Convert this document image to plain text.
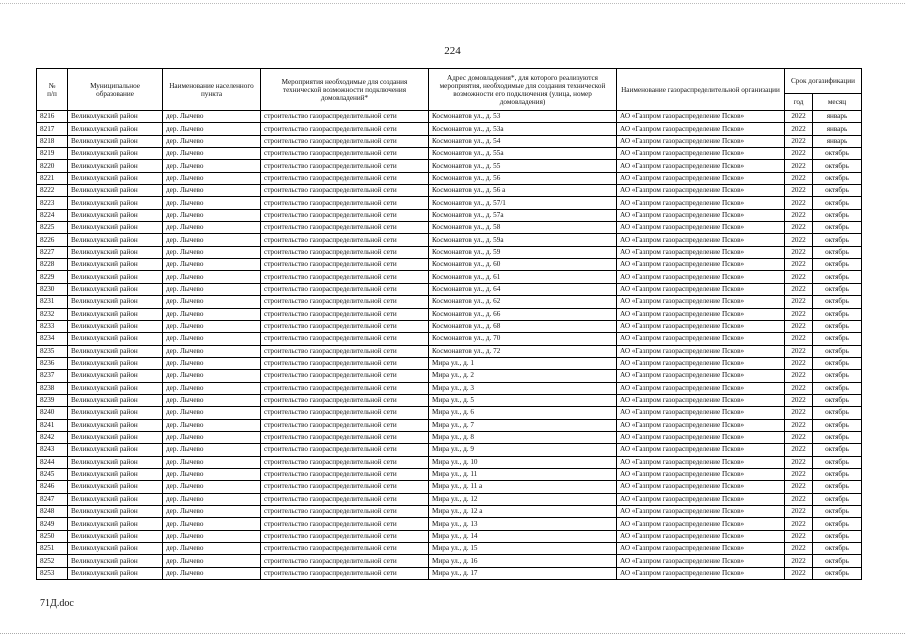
224
№
п/п	Муниципальное образование	Наименование населенного пункта	Мероприятия необходимые для создания технической возможности подключения домовладений*	Адрес домовладения*, для которого реализуются мероприятия, необходимые для создания технической возможности его подключения (улица, номер домовладения)	Наименование газораспределительной организации	Срок догазификации	
						год	месяц
8216	Великолукский район	дер. Лычево	строительство газораспределительной сети	Космонавтов ул., д. 53	АО «Газпром газораспределение Псков»	2022	январь
8217	Великолукский район	дер. Лычево	строительство газораспределительной сети	Космонавтов ул., д. 53а	АО «Газпром газораспределение Псков»	2022	январь
8218	Великолукский район	дер. Лычево	строительство газораспределительной сети	Космонавтов ул., д. 54	АО «Газпром газораспределение Псков»	2022	январь
8219	Великолукский район	дер. Лычево	строительство газораспределительной сети	Космонавтов ул., д. 55а	АО «Газпром газораспределение Псков»	2022	октябрь
8220	Великолукский район	дер. Лычево	строительство газораспределительной сети	Космонавтов ул., д. 55	АО «Газпром газораспределение Псков»	2022	октябрь
8221	Великолукский район	дер. Лычево	строительство газораспределительной сети	Космонавтов ул., д. 56	АО «Газпром газораспределение Псков»	2022	октябрь
8222	Великолукский район	дер. Лычево	строительство газораспределительной сети	Космонавтов ул., д. 56 а	АО «Газпром газораспределение Псков»	2022	октябрь
8223	Великолукский район	дер. Лычево	строительство газораспределительной сети	Космонавтов ул., д. 57/1	АО «Газпром газораспределение Псков»	2022	октябрь
8224	Великолукский район	дер. Лычево	строительство газораспределительной сети	Космонавтов ул., д. 57а	АО «Газпром газораспределение Псков»	2022	октябрь
8225	Великолукский район	дер. Лычево	строительство газораспределительной сети	Космонавтов ул., д. 58	АО «Газпром газораспределение Псков»	2022	октябрь
8226	Великолукский район	дер. Лычево	строительство газораспределительной сети	Космонавтов ул., д. 59а	АО «Газпром газораспределение Псков»	2022	октябрь
8227	Великолукский район	дер. Лычево	строительство газораспределительной сети	Космонавтов ул., д. 59	АО «Газпром газораспределение Псков»	2022	октябрь
8228	Великолукский район	дер. Лычево	строительство газораспределительной сети	Космонавтов ул., д. 60	АО «Газпром газораспределение Псков»	2022	октябрь
8229	Великолукский район	дер. Лычево	строительство газораспределительной сети	Космонавтов ул., д. 61	АО «Газпром газораспределение Псков»	2022	октябрь
8230	Великолукский район	дер. Лычево	строительство газораспределительной сети	Космонавтов ул., д. 64	АО «Газпром газораспределение Псков»	2022	октябрь
8231	Великолукский район	дер. Лычево	строительство газораспределительной сети	Космонавтов ул., д. 62	АО «Газпром газораспределение Псков»	2022	октябрь
8232	Великолукский район	дер. Лычево	строительство газораспределительной сети	Космонавтов ул., д. 66	АО «Газпром газораспределение Псков»	2022	октябрь
8233	Великолукский район	дер. Лычево	строительство газораспределительной сети	Космонавтов ул., д. 68	АО «Газпром газораспределение Псков»	2022	октябрь
8234	Великолукский район	дер. Лычево	строительство газораспределительной сети	Космонавтов ул., д. 70	АО «Газпром газораспределение Псков»	2022	октябрь
8235	Великолукский район	дер. Лычево	строительство газораспределительной сети	Космонавтов ул., д. 72	АО «Газпром газораспределение Псков»	2022	октябрь
8236	Великолукский район	дер. Лычево	строительство газораспределительной сети	Мира ул., д. 1	АО «Газпром газораспределение Псков»	2022	октябрь
8237	Великолукский район	дер. Лычево	строительство газораспределительной сети	Мира ул., д. 2	АО «Газпром газораспределение Псков»	2022	октябрь
8238	Великолукский район	дер. Лычево	строительство газораспределительной сети	Мира ул., д. 3	АО «Газпром газораспределение Псков»	2022	октябрь
8239	Великолукский район	дер. Лычево	строительство газораспределительной сети	Мира ул., д. 5	АО «Газпром газораспределение Псков»	2022	октябрь
8240	Великолукский район	дер. Лычево	строительство газораспределительной сети	Мира ул., д. 6	АО «Газпром газораспределение Псков»	2022	октябрь
8241	Великолукский район	дер. Лычево	строительство газораспределительной сети	Мира ул., д. 7	АО «Газпром газораспределение Псков»	2022	октябрь
8242	Великолукский район	дер. Лычево	строительство газораспределительной сети	Мира ул., д. 8	АО «Газпром газораспределение Псков»	2022	октябрь
8243	Великолукский район	дер. Лычево	строительство газораспределительной сети	Мира ул., д. 9	АО «Газпром газораспределение Псков»	2022	октябрь
8244	Великолукский район	дер. Лычево	строительство газораспределительной сети	Мира ул., д. 10	АО «Газпром газораспределение Псков»	2022	октябрь
8245	Великолукский район	дер. Лычево	строительство газораспределительной сети	Мира ул., д. 11	АО «Газпром газораспределение Псков»	2022	октябрь
8246	Великолукский район	дер. Лычево	строительство газораспределительной сети	Мира ул., д. 11 а	АО «Газпром газораспределение Псков»	2022	октябрь
8247	Великолукский район	дер. Лычево	строительство газораспределительной сети	Мира ул., д. 12	АО «Газпром газораспределение Псков»	2022	октябрь
8248	Великолукский район	дер. Лычево	строительство газораспределительной сети	Мира ул., д. 12 а	АО «Газпром газораспределение Псков»	2022	октябрь
8249	Великолукский район	дер. Лычево	строительство газораспределительной сети	Мира ул., д. 13	АО «Газпром газораспределение Псков»	2022	октябрь
8250	Великолукский район	дер. Лычево	строительство газораспределительной сети	Мира ул., д. 14	АО «Газпром газораспределение Псков»	2022	октябрь
8251	Великолукский район	дер. Лычево	строительство газораспределительной сети	Мира ул., д. 15	АО «Газпром газораспределение Псков»	2022	октябрь
8252	Великолукский район	дер. Лычево	строительство газораспределительной сети	Мира ул., д. 16	АО «Газпром газораспределение Псков»	2022	октябрь
8253	Великолукский район	дер. Лычево	строительство газораспределительной сети	Мира ул., д. 17	АО «Газпром газораспределение Псков»	2022	октябрь
71Д.doc
